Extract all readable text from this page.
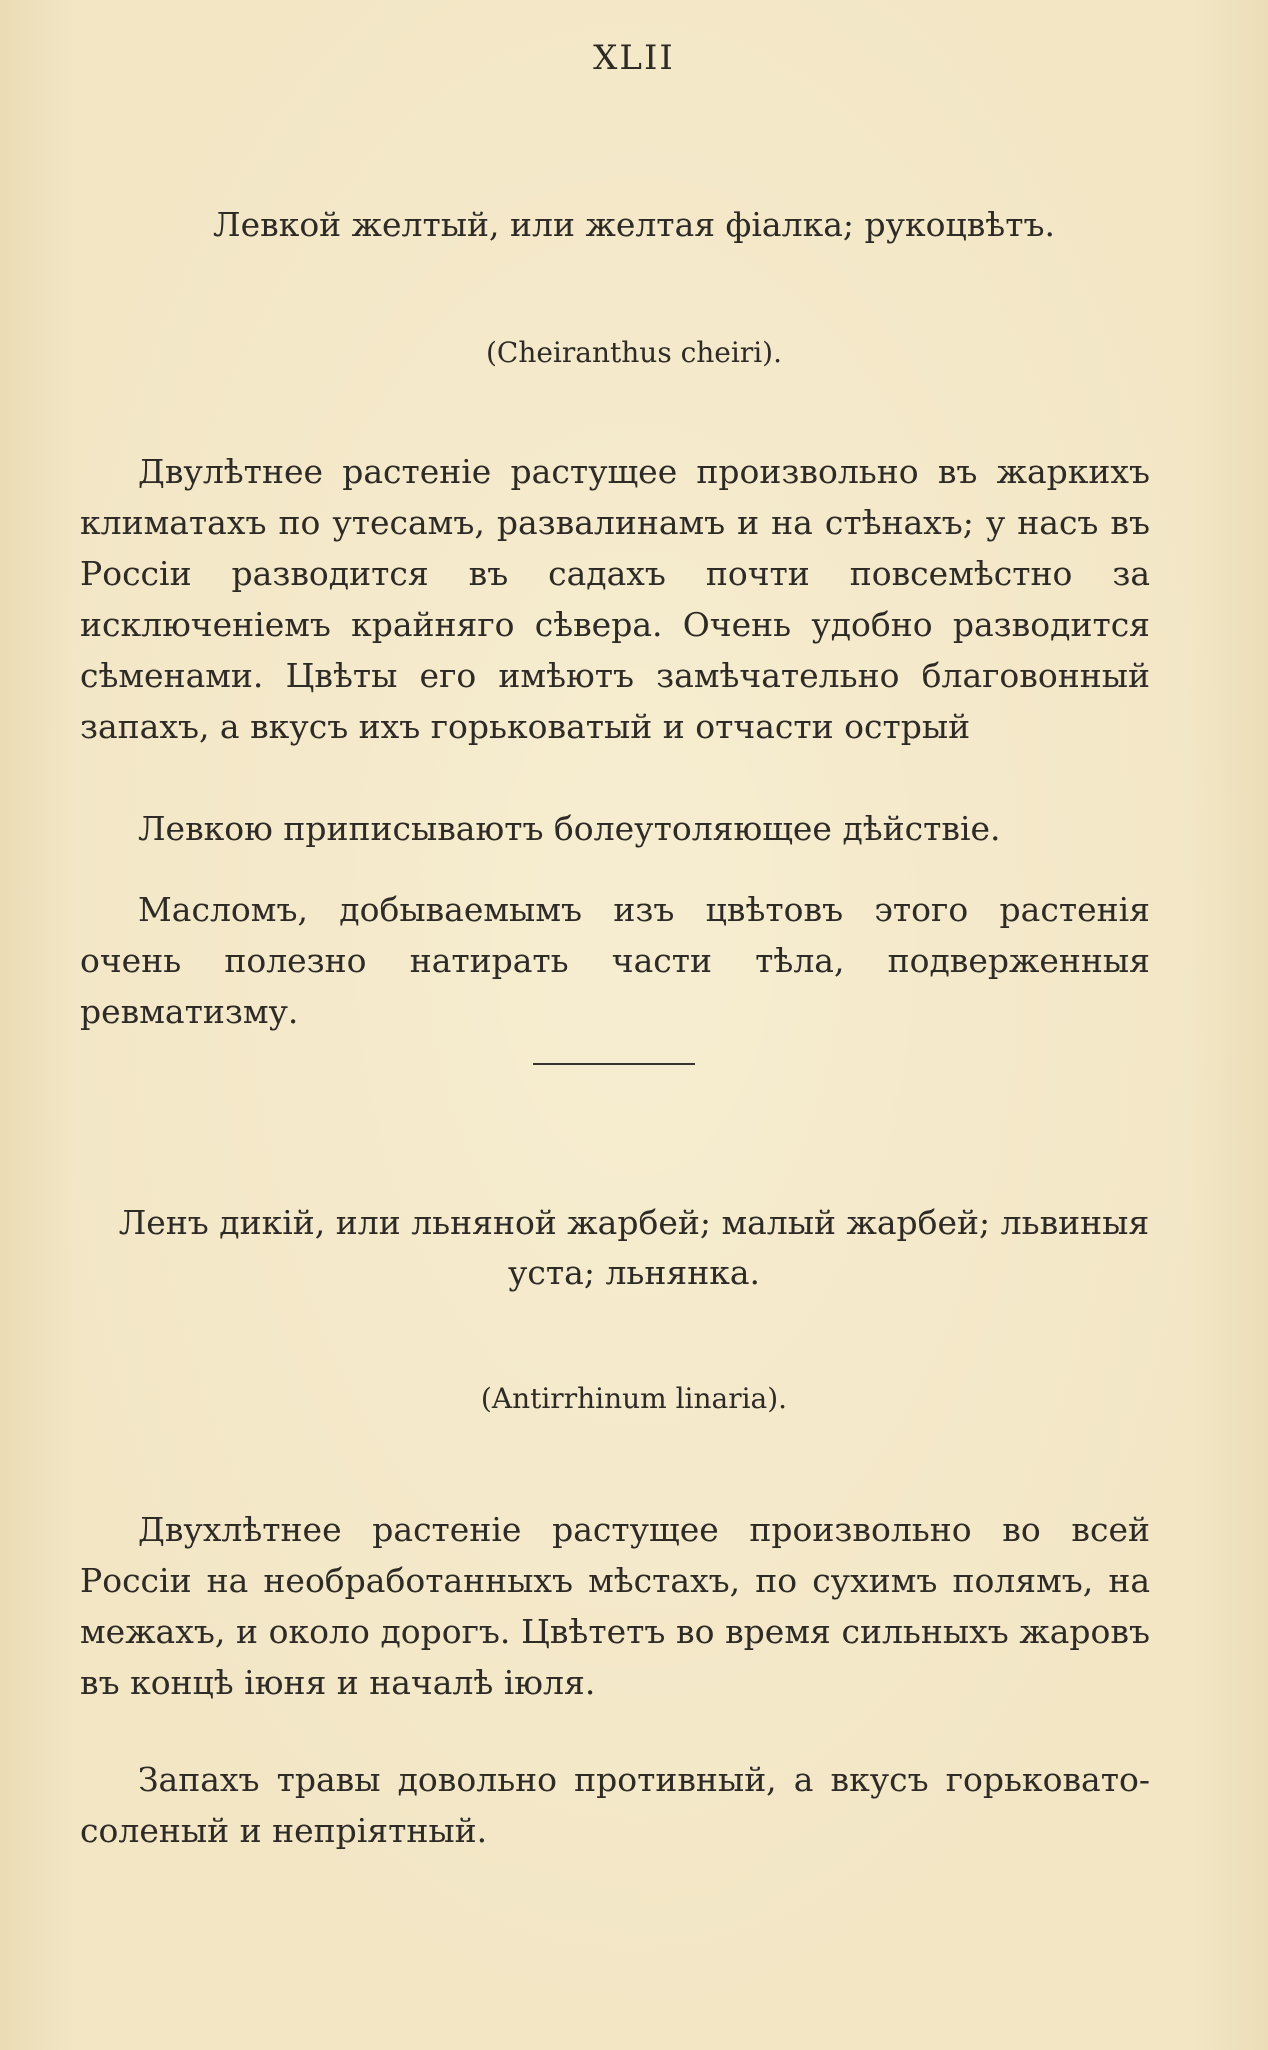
XLII
Левкой желтый, или желтая фіалка; рукоцвѣтъ.
(Cheiranthus cheiri).
Двулѣтнее растеніе растущее произвольно въ жаркихъ климатахъ по утесамъ, развалинамъ и на стѣнахъ; у насъ въ Россіи разводится въ садахъ почти повсемѣстно за исключеніемъ крайняго сѣвера. Очень удобно разводится сѣменами. Цвѣты его имѣютъ замѣчательно благовонный запахъ, а вкусъ ихъ горьковатый и отчасти острый
Левкою приписываютъ болеутоляющее дѣйствіе.
Масломъ, добываемымъ изъ цвѣтовъ этого растенія очень полезно натирать части тѣла, подверженныя ревматизму.
Ленъ дикій, или льняной жарбей; малый жарбей; львиныя
уста; льнянка.
(Antirrhinum linaria).
Двухлѣтнее растеніе растущее произвольно во всей Россіи на необработанныхъ мѣстахъ, по сухимъ полямъ, на межахъ, и около дорогъ. Цвѣтетъ во время сильныхъ жаровъ въ концѣ іюня и началѣ іюля.
Запахъ травы довольно противный, а вкусъ горьковато-соленый и непріятный.
